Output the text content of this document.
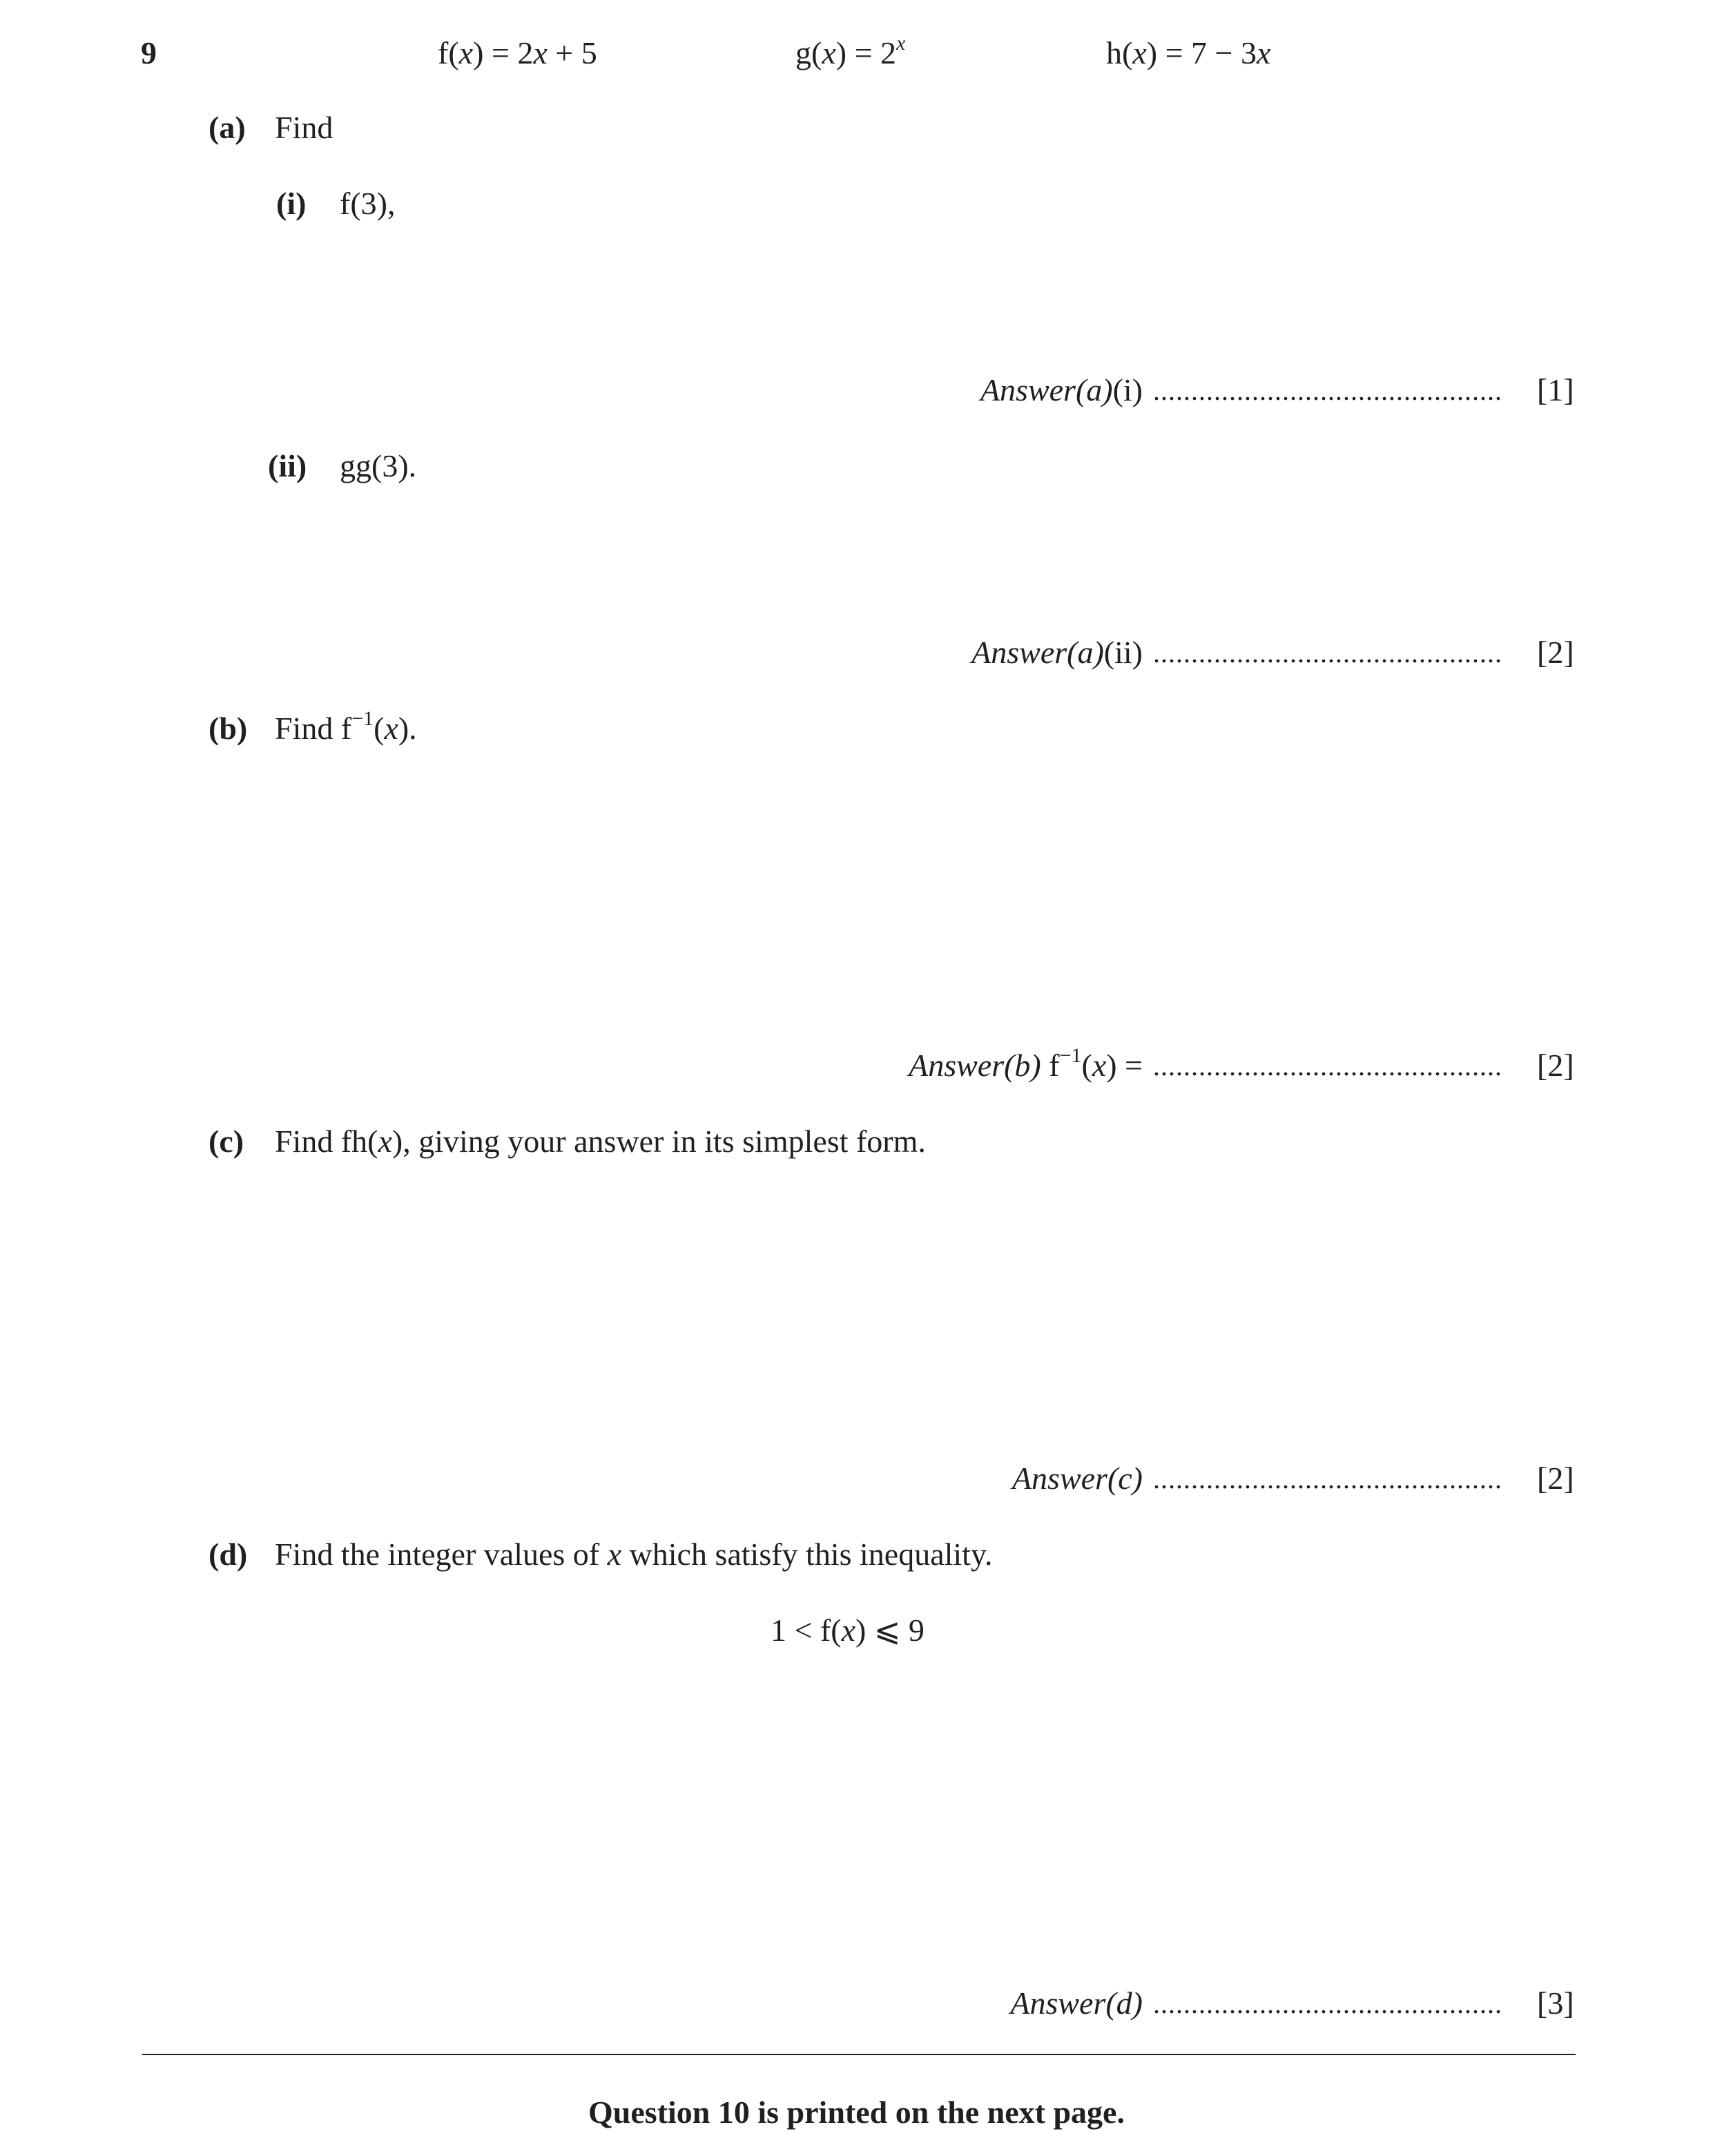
9	f(x) = 2x + 5	$g(x) = 2^x$	h(x) = 7 − 3x
(a) Find
(i) f(3),
Answer(a)(i) ..............................................	[1]
(ii) gg(3).
Answer(a)(ii) ..............................................	[2]
(b) Find $f^{-1}(x)$.
Answer(b) $f^{-1}(x)$ = ..............................................	[2]
(c) Find fh(x), giving your answer in its simplest form.
Answer(c) ..............................................	[2]
(d) Find the integer values of x which satisfy this inequality.
1 < f(x) ⩽ 9
Answer(d) ..............................................	[3]
Question 10 is printed on the next page.
